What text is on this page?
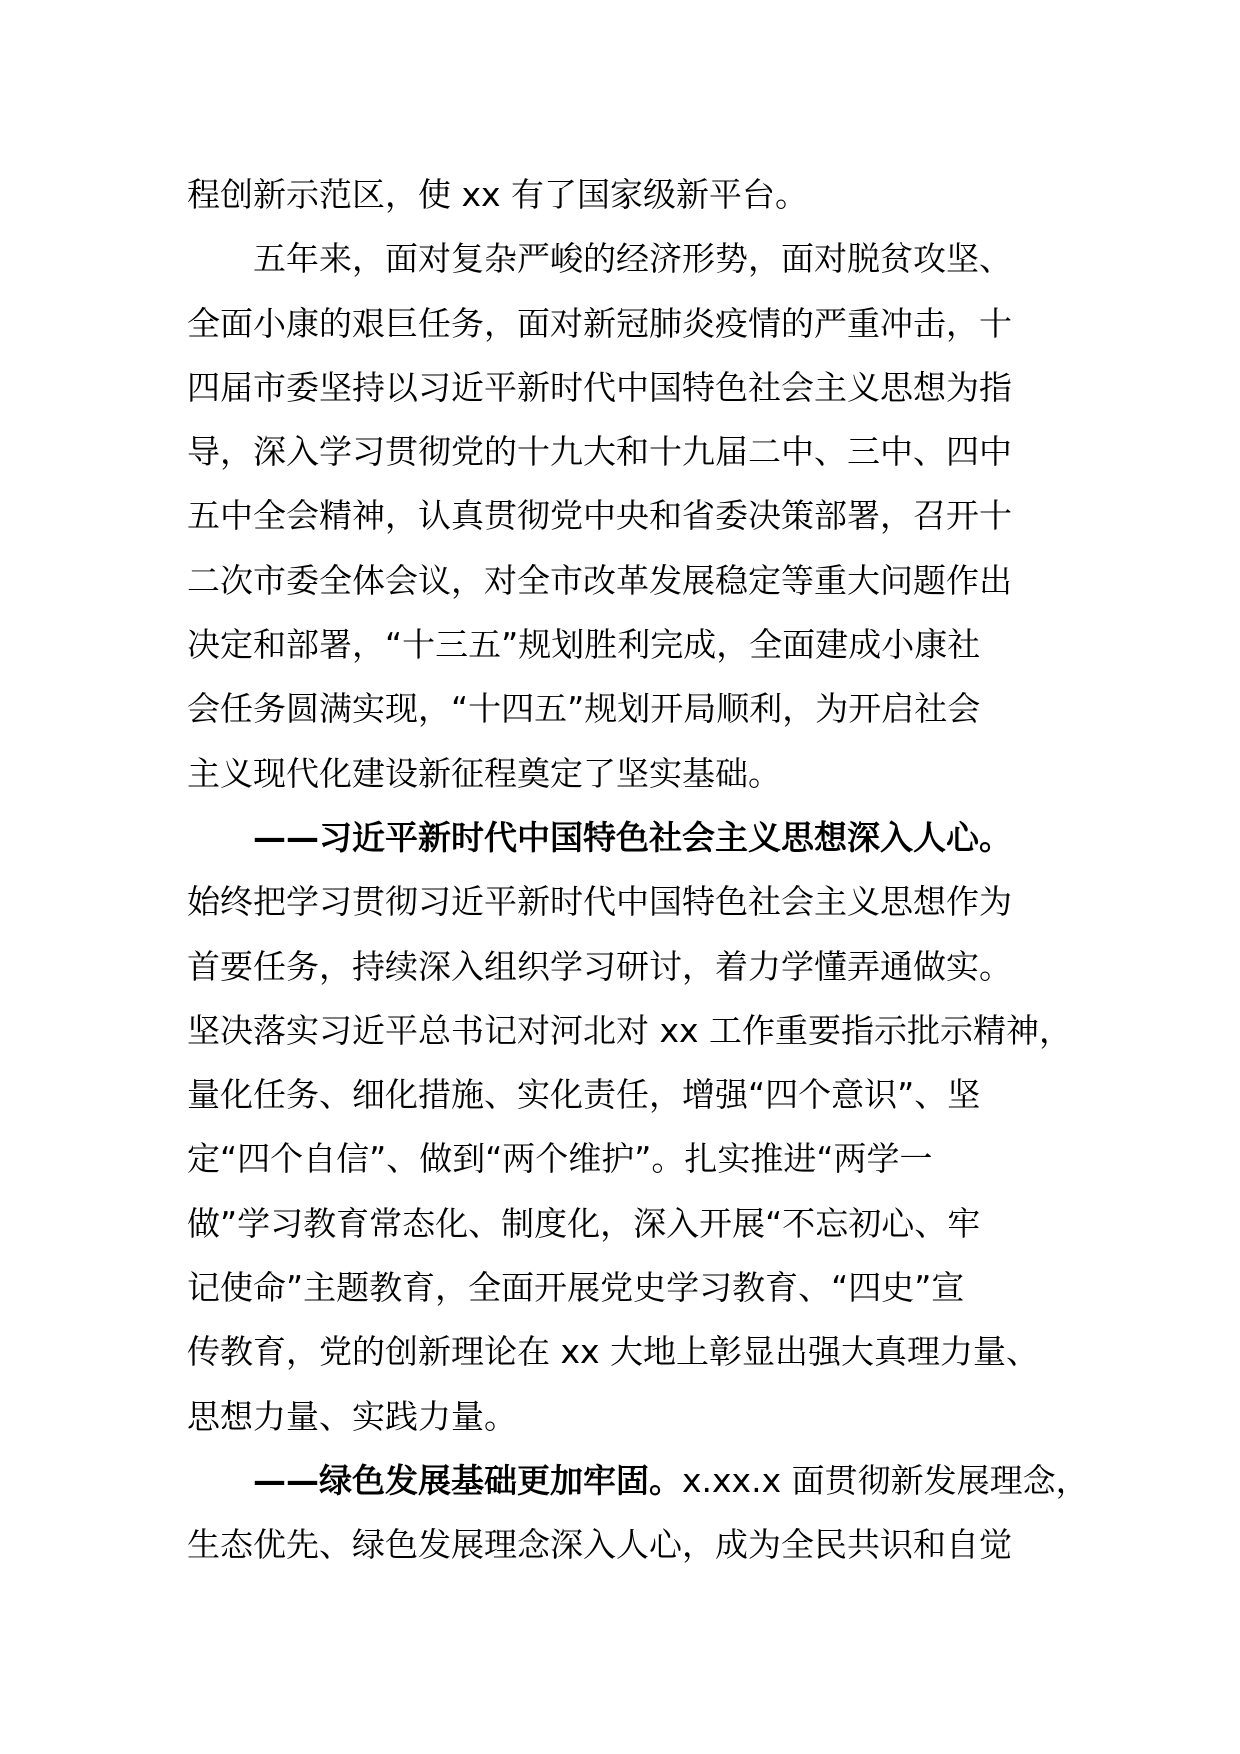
程创新示范区，使 xx 有了国家级新平台。

五年来，面对复杂严峻的经济形势，面对脱贫攻坚、

全面小康的艰巨任务，面对新冠肺炎疫情的严重冲击，十

四届市委坚持以习近平新时代中国特色社会主义思想为指

导，深入学习贯彻党的十九大和十九届二中、三中、四中

五中全会精神，认真贯彻党中央和省委决策部署，召开十

二次市委全体会议，对全市改革发展稳定等重大问题作出

决定和部署，“十三五”规划胜利完成，全面建成小康社

会任务圆满实现，“十四五”规划开局顺利，为开启社会

主义现代化建设新征程奠定了坚实基础。

——习近平新时代中国特色社会主义思想深入人心。

始终把学习贯彻习近平新时代中国特色社会主义思想作为

首要任务，持续深入组织学习研讨，着力学懂弄通做实。

坚决落实习近平总书记对河北对 xx 工作重要指示批示精神，

量化任务、细化措施、实化责任，增强“四个意识”、坚

定“四个自信”、做到“两个维护”。扎实推进“两学一

做”学习教育常态化、制度化，深入开展“不忘初心、牢

记使命”主题教育，全面开展党史学习教育、“四史”宣

传教育，党的创新理论在 xx 大地上彰显出强大真理力量、

思想力量、实践力量。

——绿色发展基础更加牢固。x.xx.x 面贯彻新发展理念，

生态优先、绿色发展理念深入人心，成为全民共识和自觉
